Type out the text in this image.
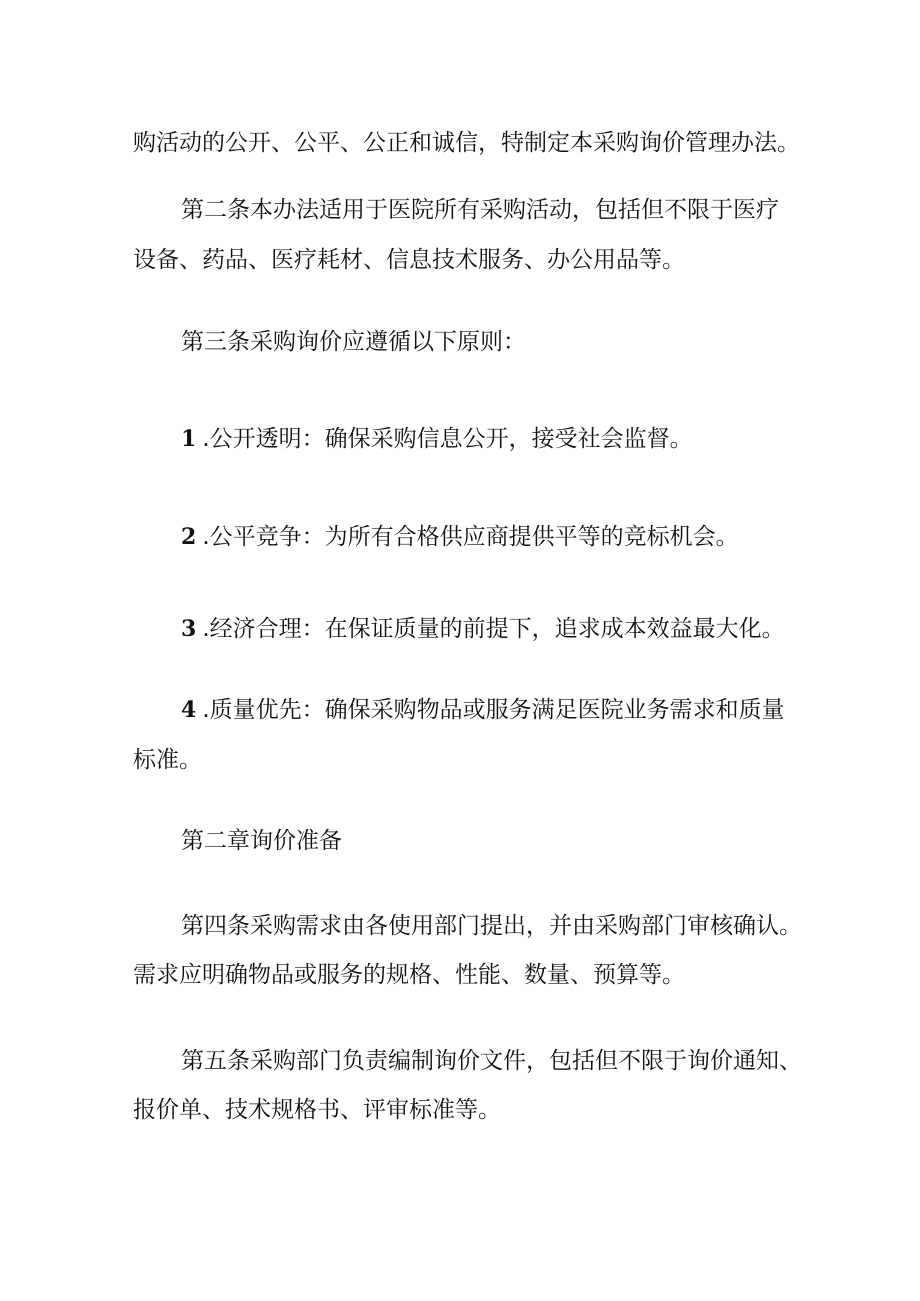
购活动的公开、公平、公正和诚信，特制定本采购询价管理办法。
第二条本办法适用于医院所有采购活动，包括但不限于医疗
设备、药品、医疗耗材、信息技术服务、办公用品等。
第三条采购询价应遵循以下原则：
1 .公开透明：确保采购信息公开，接受社会监督。
2 .公平竞争：为所有合格供应商提供平等的竞标机会。
3 .经济合理：在保证质量的前提下，追求成本效益最大化。
4 .质量优先：确保采购物品或服务满足医院业务需求和质量
标准。
第二章询价准备
第四条采购需求由各使用部门提出，并由采购部门审核确认。
需求应明确物品或服务的规格、性能、数量、预算等。
第五条采购部门负责编制询价文件，包括但不限于询价通知、
报价单、技术规格书、评审标准等。
